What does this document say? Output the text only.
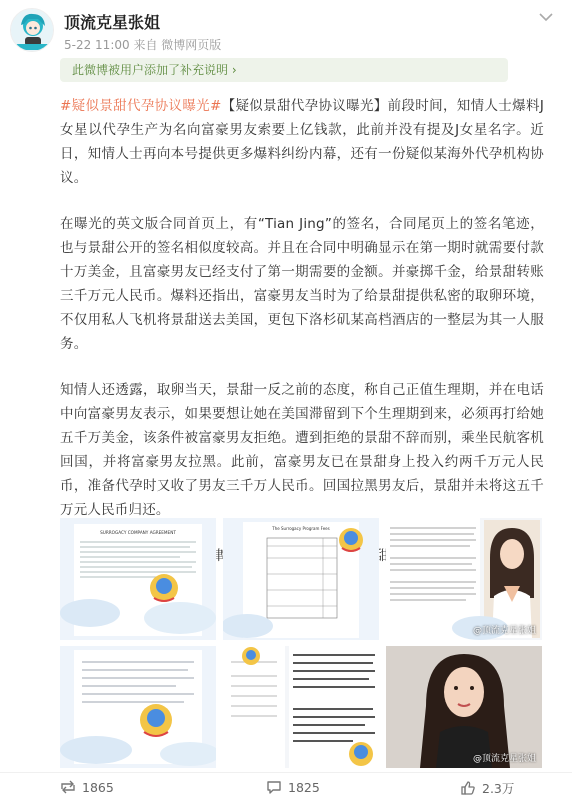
顶流克星张姐
5-22 11:00 来自 微博网页版
此微博被用户添加了补充说明 ›

#疑似景甜代孕协议曝光#【疑似景甜代孕协议曝光】前段时间，知情人士爆料J女星以代孕生产为名向富豪男友索要上亿钱款，此前并没有提及J女星名字。近日，知情人士再向本号提供更多爆料纠纷内幕，还有一份疑似某海外代孕机构协议。

在曝光的英文版合同首页上，有“Tian Jing”的签名，合同尾页上的签名笔迹，也与景甜公开的签名相似度较高。并且在合同中明确显示在第一期时就需要付款十万美金，且富豪男友已经支付了第一期需要的金额。并豪掷千金，给景甜转账三千万元人民币。爆料还指出，富豪男友当时为了给景甜提供私密的取卵环境，不仅用私人飞机将景甜送去美国，更包下洛杉矶某高档酒店的一整层为其一人服务。

知情人还透露，取卵当天，景甜一反之前的态度，称自己正值生理期，并在电话中向富豪男友表示，如果要想让她在美国滞留到下个生理期到来，必须再打给她五千万美金，该条件被富豪男友拒绝。遭到拒绝的景甜不辞而别，乘坐民航客机回国，并将富豪男友拉黑。此前，富豪男友已在景甜身上投入约两千万元人民币，准备代孕时又收了男友三千万人民币。回国拉黑男友后，景甜并未将这五千万元人民币归还。

SURROGACY COMPANY AGREEMENT
The Surrogacy Program Fees
@顶流克星张姐
@顶流克星张姐
1865	1825	2.3万
